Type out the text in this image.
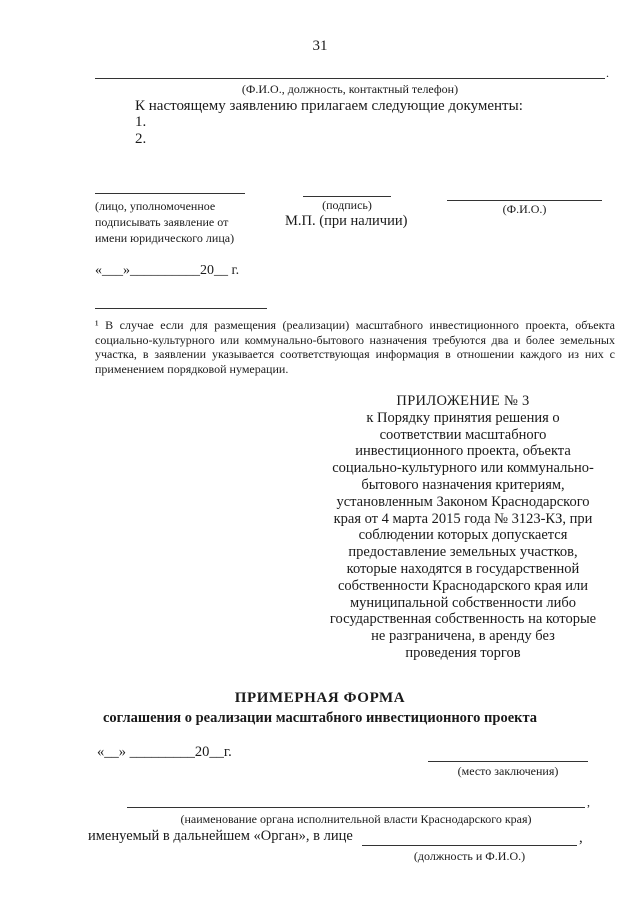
31
.
(Ф.И.О., должность, контактный телефон)
К настоящему заявлению прилагаем следующие документы:
1.
2.
(лицо, уполномоченное
подписывать заявление от
имени юридического лица)
(подпись)
М.П. (при наличии)
(Ф.И.О.)
«___»__________20__ г.
¹ В случае если для размещения (реализации) масштабного инвестиционного проекта, объекта социально-культурного или коммунально-бытового назначения требуются два и более земельных участка, в заявлении указывается соответствующая информация в отношении каждого из них с применением порядковой нумерации.
ПРИЛОЖЕНИЕ № 3
к Порядку принятия решения о
соответствии масштабного
инвестиционного проекта, объекта
социально-культурного или коммунально-
бытового назначения критериям,
установленным Законом Краснодарского
края от 4 марта 2015 года № 3123-КЗ, при
соблюдении которых допускается
предоставление земельных участков,
которые находятся в государственной
собственности Краснодарского края или
муниципальной собственности либо
государственная собственность на которые
не разграничена, в аренду без
проведения торгов
ПРИМЕРНАЯ ФОРМА
соглашения о реализации масштабного инвестиционного проекта
«__» _________20__г.
(место заключения)
,
(наименование органа исполнительной власти Краснодарского края)
именуемый в дальнейшем «Орган», в лице	,
(должность и Ф.И.О.)
